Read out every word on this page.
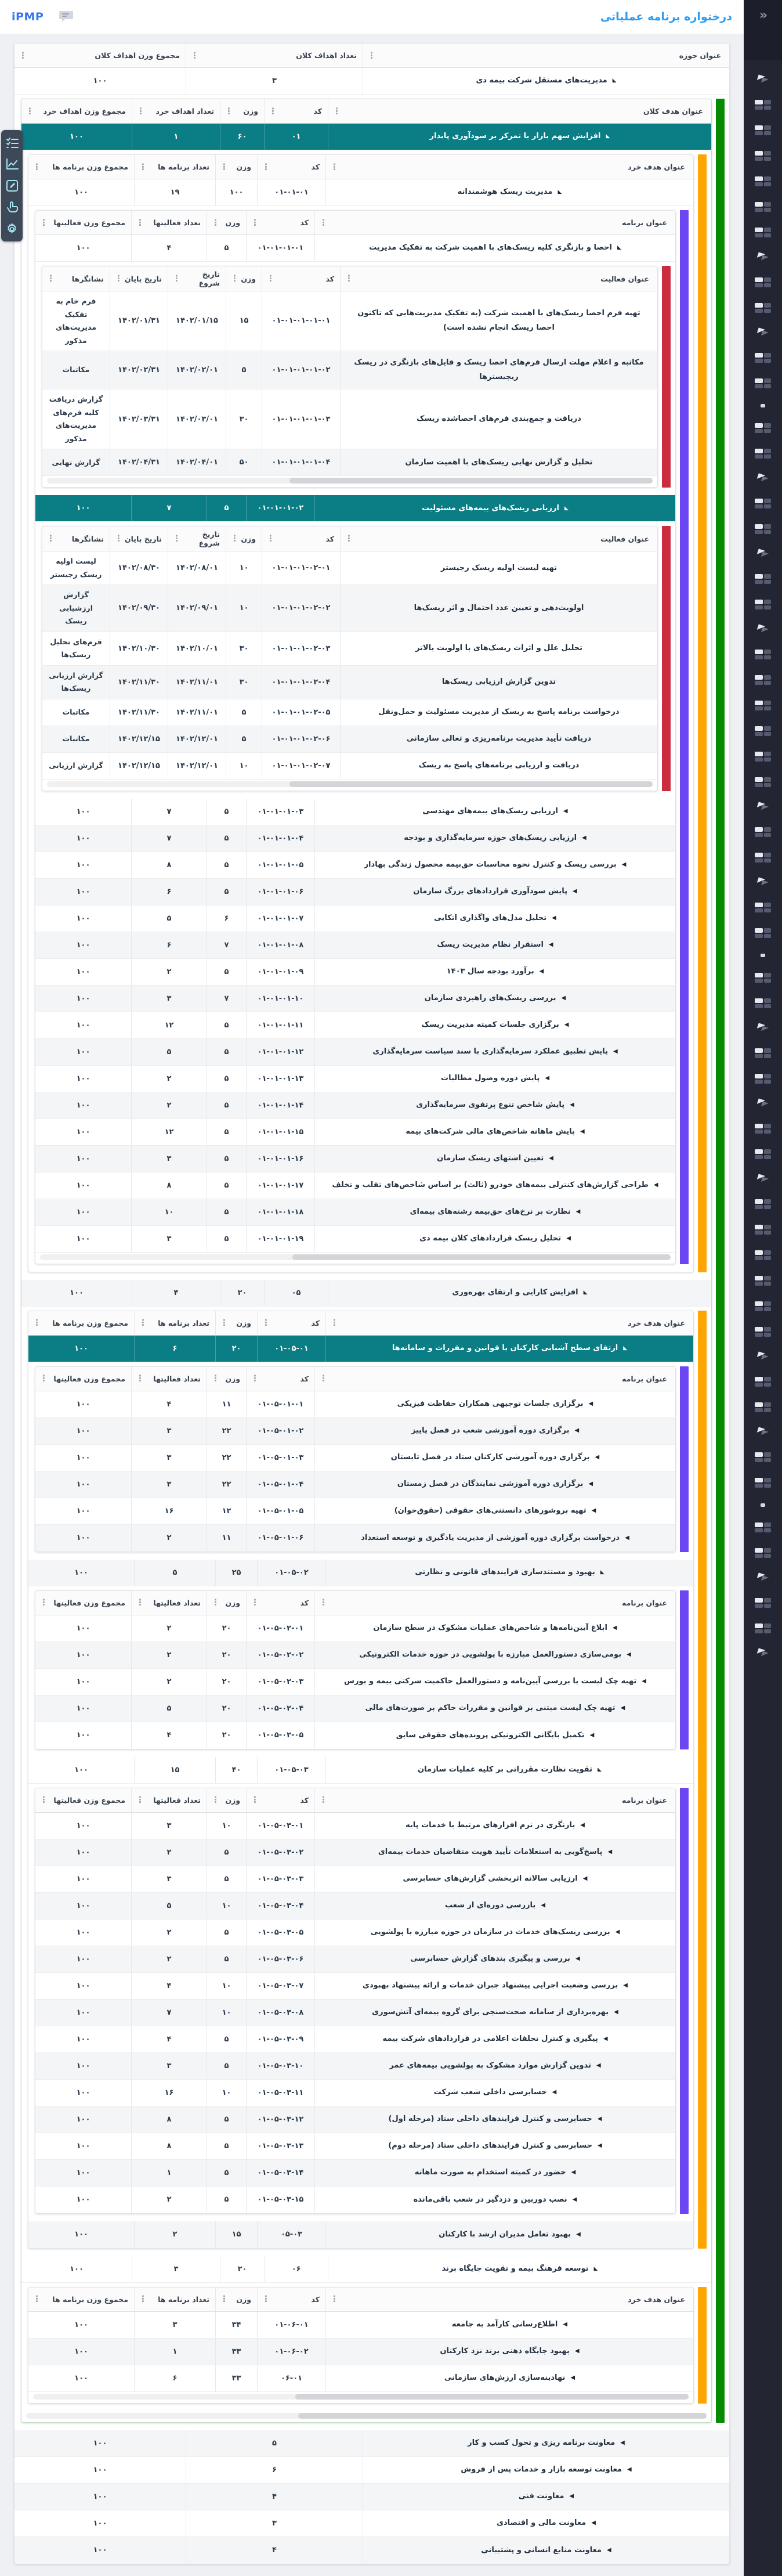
«
درختواره برنامه عملیاتی
iPMP
عنوان حوزه
⋮
تعداد اهداف کلان
⋮
مجموع وزن اهداف کلان
⋮
◣
مدیریت‌های مستقل شرکت بیمه دی
۳
۱۰۰
عنوان هدف کلان
⋮
کد
⋮
وزن
⋮
تعداد اهداف خرد
⋮
مجموع وزن اهداف خرد
⋮
◣
افزایش سهم بازار با تمرکز بر سودآوری پایدار
۰۱
۶۰
۱
۱۰۰
عنوان هدف خرد
⋮
کد
⋮
وزن
⋮
تعداد برنامه ها
⋮
مجموع وزن برنامه ها
⋮
◣
مدیریت ریسک هوشمندانه
۰۱-۰۱-۰۱
۱۰۰
۱۹
۱۰۰
عنوان برنامه
⋮
کد
⋮
وزن
⋮
تعداد فعالیتها
⋮
مجموع وزن فعالیتها
⋮
◣
احصا و بازنگری کلیه ریسک‌های با اهمیت شرکت به تفکیک مدیریت
۰۱-۰۱-۰۱-۰۱
۵
۴
۱۰۰
عنوان فعالیت
⋮
کد
⋮
وزن
⋮
تاریخ شروع
⋮
تاریخ پایان
⋮
نشانگرها
⋮
تهیه فرم احصا ریسک‌های با اهمیت شرکت (به تفکیک مدیریت‌هایی که تاکنون احصا ریسک انجام نشده است)
۰۱-۰۱-۰۱-۰۱-۰۱
۱۵
۱۴۰۲/۰۱/۱۵
۱۴۰۲/۰۱/۳۱
فرم خام به تفکیک مدیریت‌های مذکور
مکاتبه و اعلام مهلت ارسال فرم‌های احصا ریسک و فایل‌های بازنگری در ریسک ریجیسترها
۰۱-۰۱-۰۱-۰۱-۰۲
۵
۱۴۰۲/۰۲/۰۱
۱۴۰۲/۰۲/۳۱
مکاتبات
دریافت و جمع‌بندی فرم‌های احصاشده ریسک
۰۱-۰۱-۰۱-۰۱-۰۳
۳۰
۱۴۰۲/۰۳/۰۱
۱۴۰۲/۰۳/۳۱
گزارش دریافت کلیه فرم‌های مدیریت‌های مذکور
تحلیل و گزارش نهایی ریسک‌های با اهمیت سازمان
۰۱-۰۱-۰۱-۰۱-۰۴
۵۰
۱۴۰۲/۰۴/۰۱
۱۴۰۲/۰۴/۳۱
گزارش نهایی
◣
ارزیابی ریسک‌های بیمه‌های مسئولیت
۰۱-۰۱-۰۱-۰۲
۵
۷
۱۰۰
عنوان فعالیت
⋮
کد
⋮
وزن
⋮
تاریخ شروع
⋮
تاریخ پایان
⋮
نشانگرها
⋮
تهیه لیست اولیه ریسک رجیستر
۰۱-۰۱-۰۱-۰۲-۰۱
۱۰
۱۴۰۲/۰۸/۰۱
۱۴۰۲/۰۸/۳۰
لیست اولیه ریسک رجیستر
اولویت‌دهی و تعیین عدد احتمال و اثر ریسک‌ها
۰۱-۰۱-۰۱-۰۲-۰۲
۱۰
۱۴۰۲/۰۹/۰۱
۱۴۰۲/۰۹/۳۰
گزارش ارزشیابی ریسک
تحلیل علل و اثرات ریسک‌های با اولویت بالاتر
۰۱-۰۱-۰۱-۰۲-۰۳
۳۰
۱۴۰۲/۱۰/۰۱
۱۴۰۲/۱۰/۳۰
فرم‌های تحلیل ریسک‌ها
تدوین گزارش ارزیابی ریسک‌ها
۰۱-۰۱-۰۱-۰۲-۰۴
۳۰
۱۴۰۲/۱۱/۰۱
۱۴۰۲/۱۱/۳۰
گزارش ارزیابی ریسک‌ها
درخواست برنامه پاسخ به ریسک از مدیریت مسئولیت و حمل‌ونقل
۰۱-۰۱-۰۱-۰۲-۰۵
۵
۱۴۰۲/۱۱/۰۱
۱۴۰۲/۱۱/۳۰
مکاتبات
دریافت تأیید مدیریت برنامه‌ریزی و تعالی سازمانی
۰۱-۰۱-۰۱-۰۲-۰۶
۵
۱۴۰۲/۱۲/۰۱
۱۴۰۲/۱۲/۱۵
مکاتبات
دریافت و ارزیابی برنامه‌های پاسخ به ریسک
۰۱-۰۱-۰۱-۰۲-۰۷
۱۰
۱۴۰۲/۱۲/۰۱
۱۴۰۲/۱۲/۱۵
گزارش ارزیابی
◀
ارزیابی ریسک‌های بیمه‌های مهندسی
۰۱-۰۱-۰۱-۰۳
۵
۷
۱۰۰
◀
ارزیابی ریسک‌های حوزه سرمایه‌گذاری و بودجه
۰۱-۰۱-۰۱-۰۴
۵
۷
۱۰۰
◀
بررسی ریسک و کنترل نحوه محاسبات حق‌بیمه محصول زندگی بهادار
۰۱-۰۱-۰۱-۰۵
۵
۸
۱۰۰
◀
پایش سودآوری قراردادهای بزرگ سازمان
۰۱-۰۱-۰۱-۰۶
۵
۶
۱۰۰
◀
تحلیل مدل‌های واگذاری اتکایی
۰۱-۰۱-۰۱-۰۷
۶
۵
۱۰۰
◀
استقرار نظام مدیریت ریسک
۰۱-۰۱-۰۱-۰۸
۷
۶
۱۰۰
◀
برآورد بودجه سال ۱۴۰۳
۰۱-۰۱-۰۱-۰۹
۵
۲
۱۰۰
◀
بررسی ریسک‌های راهبردی سازمان
۰۱-۰۱-۰۱-۱۰
۷
۳
۱۰۰
◀
برگزاری جلسات کمیته مدیریت ریسک
۰۱-۰۱-۰۱-۱۱
۵
۱۲
۱۰۰
◀
پایش تطبیق عملکرد سرمایه‌گذاری با سند سیاست سرمایه‌گذاری
۰۱-۰۱-۰۱-۱۲
۵
۵
۱۰۰
◀
پایش دوره وصول مطالبات
۰۱-۰۱-۰۱-۱۳
۵
۲
۱۰۰
◀
پایش شاخص تنوع پرتفوی سرمایه‌گذاری
۰۱-۰۱-۰۱-۱۴
۵
۲
۱۰۰
◀
پایش ماهانه شاخص‌های مالی شرکت‌های بیمه
۰۱-۰۱-۰۱-۱۵
۵
۱۲
۱۰۰
◀
تعیین اشتهای ریسک سازمان
۰۱-۰۱-۰۱-۱۶
۵
۳
۱۰۰
◀
طراحی گزارش‌های کنترلی بیمه‌های خودرو (ثالث) بر اساس شاخص‌های تقلب و تخلف
۰۱-۰۱-۰۱-۱۷
۵
۸
۱۰۰
◀
نظارت بر نرخ‌های حق‌بیمه رشته‌های بیمه‌ای
۰۱-۰۱-۰۱-۱۸
۵
۱۰
۱۰۰
◀
تحلیل ریسک قراردادهای کلان بیمه دی
۰۱-۰۱-۰۱-۱۹
۵
۳
۱۰۰
◣
افزایش کارایی و ارتقای بهره‌وری
۰۵
۲۰
۴
۱۰۰
عنوان هدف خرد
⋮
کد
⋮
وزن
⋮
تعداد برنامه ها
⋮
مجموع وزن برنامه ها
⋮
◣
ارتقای سطح آشنایی کارکنان با قوانین و مقررات و سامانه‌ها
۰۱-۰۵-۰۱
۲۰
۶
۱۰۰
عنوان برنامه
⋮
کد
⋮
وزن
⋮
تعداد فعالیتها
⋮
مجموع وزن فعالیتها
⋮
◀
برگزاری جلسات توجیهی همکاران حفاظت فیزیکی
۰۱-۰۵-۰۱-۰۱
۱۱
۴
۱۰۰
◀
برگزاری دوره آموزشی شعب در فصل پاییز
۰۱-۰۵-۰۱-۰۲
۲۲
۳
۱۰۰
◀
برگزاری دوره آموزشی کارکنان ستاد در فصل تابستان
۰۱-۰۵-۰۱-۰۳
۲۲
۳
۱۰۰
◀
برگزاری دوره آموزشی نمایندگان در فصل زمستان
۰۱-۰۵-۰۱-۰۴
۲۲
۳
۱۰۰
◀
تهیه بروشورهای دانستنی‌های حقوقی (حقوق‌خوان)
۰۱-۰۵-۰۱-۰۵
۱۲
۱۶
۱۰۰
◀
درخواست برگزاری دوره آموزشی از مدیریت یادگیری و توسعه استعداد
۰۱-۰۵-۰۱-۰۶
۱۱
۲
۱۰۰
◣
بهبود و مستندسازی فرایندهای قانونی و نظارتی
۰۱-۰۵-۰۲
۲۵
۵
۱۰۰
عنوان برنامه
⋮
کد
⋮
وزن
⋮
تعداد فعالیتها
⋮
مجموع وزن فعالیتها
⋮
◀
ابلاغ آیین‌نامه‌ها و شاخص‌های عملیات مشکوک در سطح سازمان
۰۱-۰۵-۰۲-۰۱
۲۰
۲
۱۰۰
◀
بومی‌سازی دستورالعمل مبارزه با پولشویی در حوزه خدمات الکترونیکی
۰۱-۰۵-۰۲-۰۲
۲۰
۲
۱۰۰
◀
تهیه چک لیست با بررسی آیین‌نامه و دستورالعمل حاکمیت شرکتی بیمه و بورس
۰۱-۰۵-۰۲-۰۳
۲۰
۲
۱۰۰
◀
تهیه چک لیست مبتنی بر قوانین و مقررات حاکم بر صورت‌های مالی
۰۱-۰۵-۰۲-۰۴
۲۰
۵
۱۰۰
◀
تکمیل بایگانی الکترونیکی پرونده‌های حقوقی سابق
۰۱-۰۵-۰۲-۰۵
۲۰
۴
۱۰۰
◣
تقویت نظارت مقرراتی بر کلیه عملیات سازمان
۰۱-۰۵-۰۳
۴۰
۱۵
۱۰۰
عنوان برنامه
⋮
کد
⋮
وزن
⋮
تعداد فعالیتها
⋮
مجموع وزن فعالیتها
⋮
◀
بازنگری در نرم افزارهای مرتبط با خدمات پایه
۰۱-۰۵-۰۳-۰۱
۱۰
۳
۱۰۰
◀
پاسخ‌گویی به استعلامات تأیید هویت متقاضیان خدمات بیمه‌ای
۰۱-۰۵-۰۳-۰۲
۵
۲
۱۰۰
◀
ارزیابی سالانه اثربخشی گزارش‌های حسابرسی
۰۱-۰۵-۰۳-۰۳
۵
۳
۱۰۰
◀
بازرسی دوره‌ای از شعب
۰۱-۰۵-۰۳-۰۴
۱۰
۵
۱۰۰
◀
بررسی ریسک‌های خدمات در سازمان در حوزه مبارزه با پولشویی
۰۱-۰۵-۰۳-۰۵
۵
۲
۱۰۰
◀
بررسی و پیگیری بندهای گزارش حسابرسی
۰۱-۰۵-۰۳-۰۶
۵
۲
۱۰۰
◀
بررسی وضعیت اجرایی پیشنهاد جبران خدمات و ارائه پیشنهاد بهبودی
۰۱-۰۵-۰۳-۰۷
۱۰
۴
۱۰۰
◀
بهره‌برداری از سامانه صحت‌سنجی برای گروه بیمه‌ای آتش‌سوزی
۰۱-۰۵-۰۳-۰۸
۱۰
۷
۱۰۰
◀
پیگیری و کنترل تخلفات اعلامی در قراردادهای شرکت بیمه
۰۱-۰۵-۰۳-۰۹
۵
۴
۱۰۰
◀
تدوین گزارش موارد مشکوک به پولشویی بیمه‌های عمر
۰۱-۰۵-۰۳-۱۰
۵
۳
۱۰۰
◀
حسابرسی داخلی شعب شرکت
۰۱-۰۵-۰۳-۱۱
۱۰
۱۶
۱۰۰
◀
حسابرسی و کنترل فرایندهای داخلی ستاد (مرحله اول)
۰۱-۰۵-۰۳-۱۲
۵
۸
۱۰۰
◀
حسابرسی و کنترل فرایندهای داخلی ستاد (مرحله دوم)
۰۱-۰۵-۰۳-۱۳
۵
۸
۱۰۰
◀
حضور در کمیته استخدام به صورت ماهانه
۰۱-۰۵-۰۳-۱۴
۵
۱
۱۰۰
◀
نصب دوربین و دزدگیر در شعب باقی‌مانده
۰۱-۰۵-۰۳-۱۵
۵
۲
۱۰۰
◀
بهبود تعامل مدیران ارشد با کارکنان
۰۵-۰۳
۱۵
۲
۱۰۰
◣
توسعه فرهنگ بیمه و تقویت جایگاه برند
۰۶
۲۰
۳
۱۰۰
عنوان هدف خرد
⋮
کد
⋮
وزن
⋮
تعداد برنامه ها
⋮
مجموع وزن برنامه ها
⋮
◀
اطلاع‌رسانی کارآمد به جامعه
۰۱-۰۶-۰۱
۳۴
۳
۱۰۰
◀
بهبود جایگاه ذهنی برند نزد کارکنان
۰۱-۰۶-۰۲
۳۳
۱
۱۰۰
◀
نهادینه‌سازی ارزش‌های سازمانی
۰۶-۰۱
۳۳
۶
۱۰۰
◀
معاونت برنامه ریزی و تحول کسب و کار
۵
۱۰۰
◀
معاونت توسعه بازار و خدمات پس از فروش
۶
۱۰۰
◀
معاونت فنی
۴
۱۰۰
◀
معاونت مالی و اقتصادی
۳
۱۰۰
◀
معاونت منابع انسانی و پشتیبانی
۴
۱۰۰
